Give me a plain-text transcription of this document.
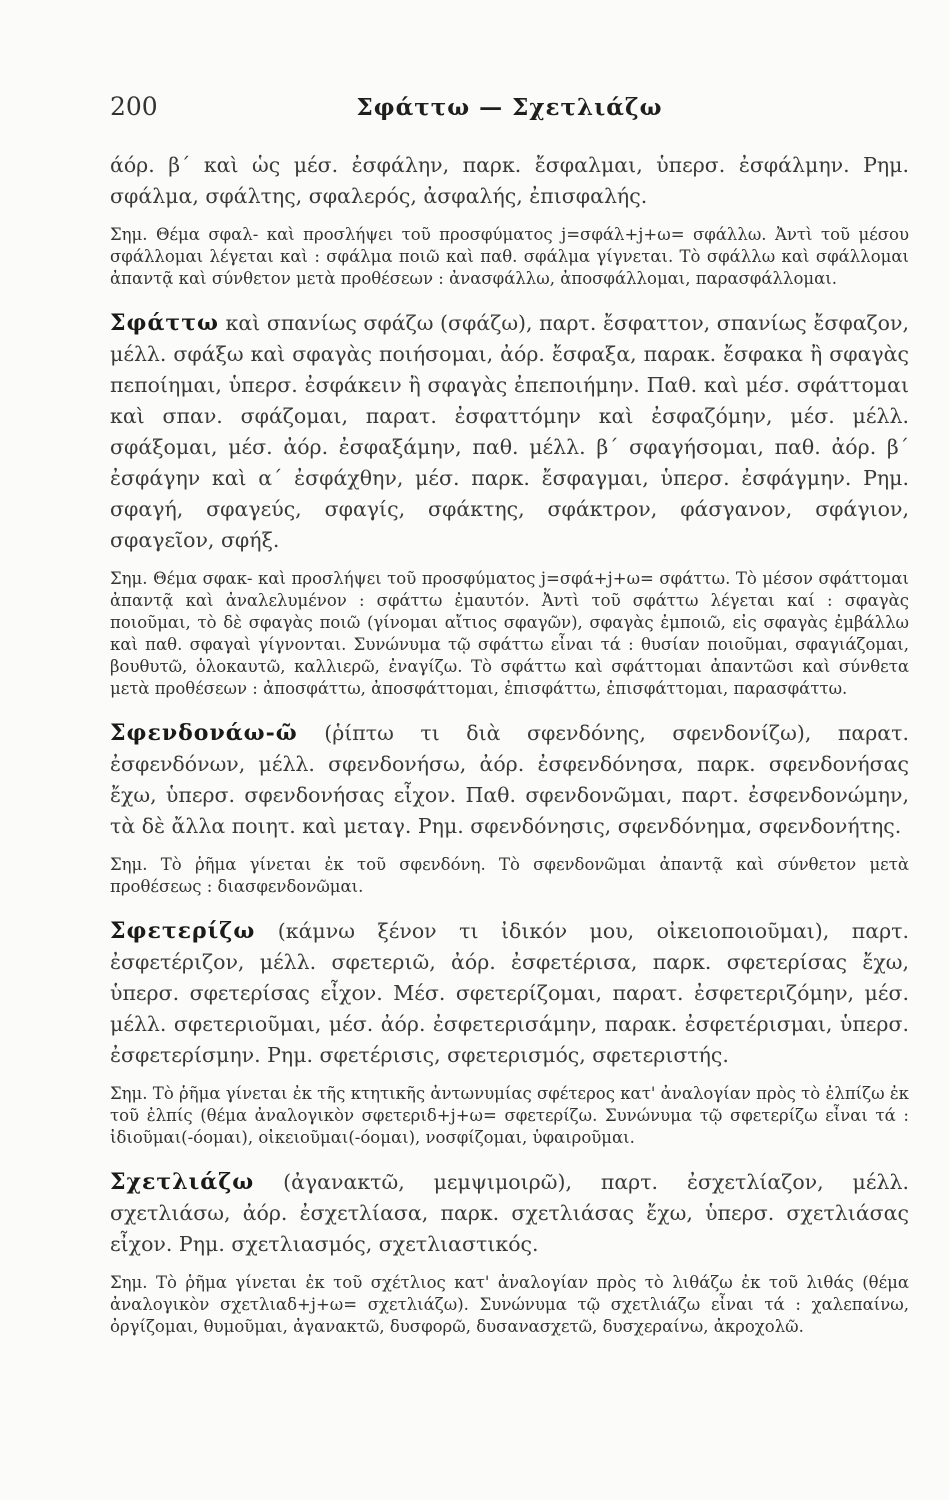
200	Σφάττω — Σχετλιάζω

άόρ. β΄ καὶ ὡς μέσ. ἐσφάλην, παρκ. ἔσφαλμαι, ὑπερσ. ἐσφάλμην. Ρημ. σφάλμα, σφάλτης, σφαλερός, ἀσφαλής, ἐπισφαλής.

Σημ. Θέμα σφαλ- καὶ προσλήψει τοῦ προσφύματος j=σφάλ+j+ω= σφάλλω. Ἀντὶ τοῦ μέσου σφάλλομαι λέγεται καὶ : σφάλμα ποιῶ καὶ παθ. σφάλμα γίγνεται. Τὸ σφάλλω καὶ σφάλλομαι ἀπαντᾷ καὶ σύνθετον μετὰ προθέσεων : ἀνασφάλλω, ἀποσφάλλομαι, παρασφάλλομαι.

Σφάττω καὶ σπανίως σφάζω (σφάζω), παρτ. ἔσφαττον, σπανίως ἔσφαζον, μέλλ. σφάξω καὶ σφαγὰς ποιήσομαι, ἀόρ. ἔσφαξα, παρακ. ἔσφακα ἢ σφαγὰς πεποίημαι, ὑπερσ. ἐσφάκειν ἢ σφαγὰς ἐπεποιήμην. Παθ. καὶ μέσ. σφάττομαι καὶ σπαν. σφάζομαι, παρατ. ἐσφαττόμην καὶ ἐσφαζόμην, μέσ. μέλλ. σφάξομαι, μέσ. ἀόρ. ἐσφαξάμην, παθ. μέλλ. β΄ σφαγήσομαι, παθ. ἀόρ. β΄ ἐσφάγην καὶ α΄ ἐσφάχθην, μέσ. παρκ. ἔσφαγμαι, ὑπερσ. ἐσφάγμην. Ρημ. σφαγή, σφαγεύς, σφαγίς, σφάκτης, σφάκτρον, φάσγανον, σφάγιον, σφαγεῖον, σφήξ.

Σημ. Θέμα σφακ- καὶ προσλήψει τοῦ προσφύματος j=σφά+j+ω= σφάττω. Τὸ μέσον σφάττομαι ἀπαντᾷ καὶ ἀναλελυμένον : σφάττω ἐμαυτόν. Ἀντὶ τοῦ σφάττω λέγεται καί : σφαγὰς ποιοῦμαι, τὸ δὲ σφαγὰς ποιῶ (γίνομαι αἴτιος σφαγῶν), σφαγὰς ἐμποιῶ, εἰς σφαγὰς ἐμβάλλω καὶ παθ. σφαγαὶ γίγνονται. Συνώνυμα τῷ σφάττω εἶναι τά : θυσίαν ποιοῦμαι, σφαγιάζομαι, βουθυτῶ, ὁλοκαυτῶ, καλλιερῶ, ἐναγίζω. Τὸ σφάττω καὶ σφάττομαι ἀπαντῶσι καὶ σύνθετα μετὰ προθέσεων : ἀποσφάττω, ἀποσφάττομαι, ἐπισφάττω, ἐπισφάττομαι, παρασφάττω.

Σφενδονάω-ῶ (ῥίπτω τι διὰ σφενδόνης, σφενδονίζω), παρατ. ἐσφενδόνων, μέλλ. σφενδονήσω, ἀόρ. ἐσφενδόνησα, παρκ. σφενδονήσας ἔχω, ὑπερσ. σφενδονήσας εἶχον. Παθ. σφενδονῶμαι, παρτ. ἐσφενδονώμην, τὰ δὲ ἄλλα ποιητ. καὶ μεταγ. Ρημ. σφενδόνησις, σφενδόνημα, σφενδονήτης.

Σημ. Τὸ ῥῆμα γίνεται ἐκ τοῦ σφενδόνη. Τὸ σφενδονῶμαι ἀπαντᾷ καὶ σύνθετον μετὰ προθέσεως : διασφενδονῶμαι.

Σφετερίζω (κάμνω ξένον τι ἰδικόν μου, οἰκειοποιοῦμαι), παρτ. ἐσφετέριζον, μέλλ. σφετεριῶ, ἀόρ. ἐσφετέρισα, παρκ. σφετερίσας ἔχω, ὑπερσ. σφετερίσας εἶχον. Μέσ. σφετερίζομαι, παρατ. ἐσφετεριζόμην, μέσ. μέλλ. σφετεριοῦμαι, μέσ. ἀόρ. ἐσφετερισάμην, παρακ. ἐσφετέρισμαι, ὑπερσ. ἐσφετερίσμην. Ρημ. σφετέρισις, σφετερισμός, σφετεριστής.

Σημ. Τὸ ῥῆμα γίνεται ἐκ τῆς κτητικῆς ἀντωνυμίας σφέτερος κατ' ἀναλογίαν πρὸς τὸ ἐλπίζω ἐκ τοῦ ἐλπίς (θέμα ἀναλογικὸν σφετεριδ+j+ω= σφετερίζω. Συνώνυμα τῷ σφετερίζω εἶναι τά : ἰδιοῦμαι(-όομαι), οἰκειοῦμαι(-όομαι), νοσφίζομαι, ὑφαιροῦμαι.

Σχετλιάζω (ἀγανακτῶ, μεμψιμοιρῶ), παρτ. ἐσχετλίαζον, μέλλ. σχετλιάσω, ἀόρ. ἐσχετλίασα, παρκ. σχετλιάσας ἔχω, ὑπερσ. σχετλιάσας εἶχον. Ρημ. σχετλιασμός, σχετλιαστικός.

Σημ. Τὸ ῥῆμα γίνεται ἐκ τοῦ σχέτλιος κατ' ἀναλογίαν πρὸς τὸ λιθάζω ἐκ τοῦ λιθάς (θέμα ἀναλογικὸν σχετλιαδ+j+ω= σχετλιάζω). Συνώνυμα τῷ σχετλιάζω εἶναι τά : χαλεπαίνω, ὀργίζομαι, θυμοῦμαι, ἀγανακτῶ, δυσφορῶ, δυσανασχετῶ, δυσχεραίνω, ἀκροχολῶ.
